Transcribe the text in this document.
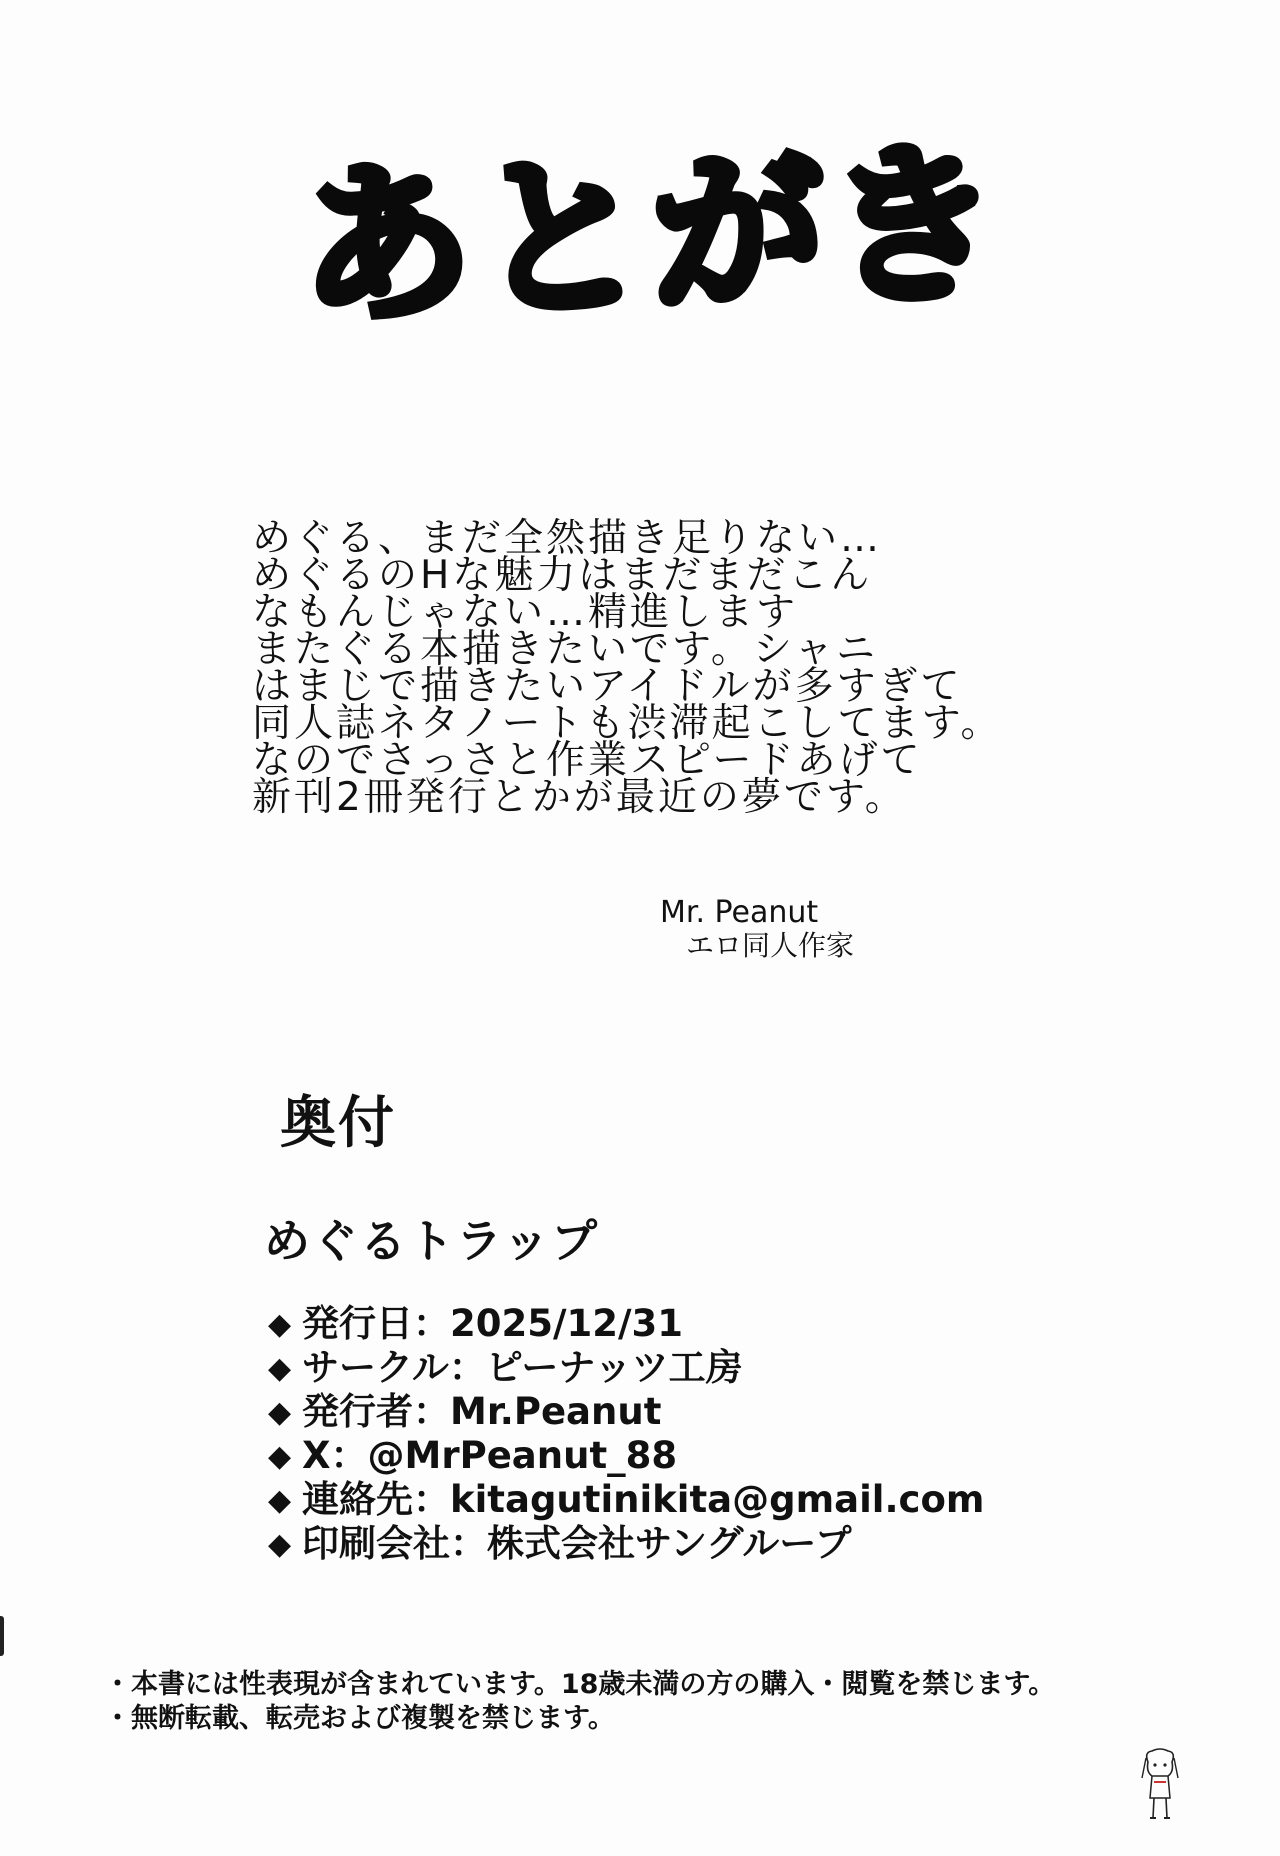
あとがき
めぐる、まだ全然描き足りない…
めぐるのHな魅力はまだまだこん
なもんじゃない…精進します
またぐる本描きたいです。シャニ
はまじで描きたいアイドルが多すぎて
同人誌ネタノートも渋滞起こしてます。
なのでさっさと作業スピードあげて
新刊2冊発行とかが最近の夢です。
Mr. Peanut
エロ同人作家
奥付
めぐるトラップ
◆ 発行日：2025/12/31
◆ サークル：ピーナッツ工房
◆ 発行者：Mr.Peanut
◆ X：@MrPeanut_88
◆ 連絡先：kitagutinikita@gmail.com
◆ 印刷会社：株式会社サングループ
・本書には性表現が含まれています。18歳未満の方の購入・閲覧を禁じます。
・無断転載、転売および複製を禁じます。
